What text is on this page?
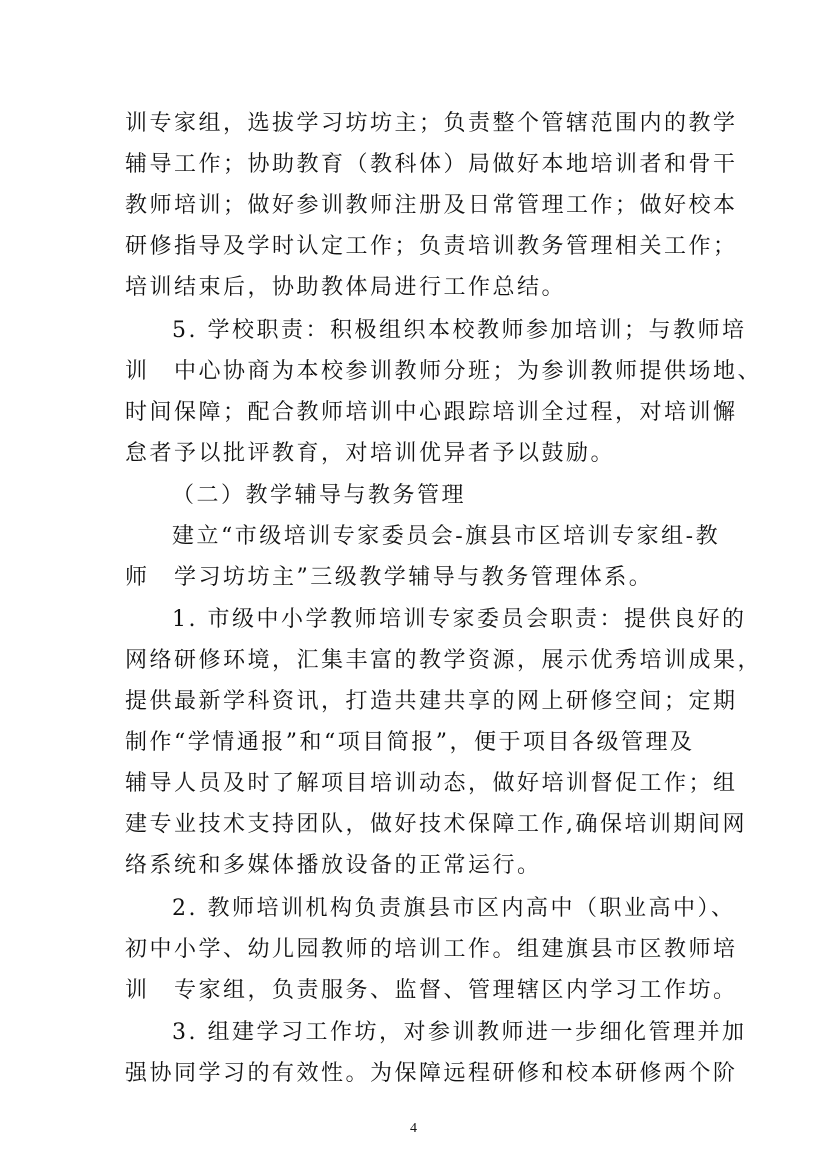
训专家组，选拔学习坊坊主；负责整个管辖范围内的教学
辅导工作；协助教育（教科体）局做好本地培训者和骨干
教师培训；做好参训教师注册及日常管理工作；做好校本
研修指导及学时认定工作；负责培训教务管理相关工作；
培训结束后，协助教体局进行工作总结。
5. 学校职责：积极组织本校教师参加培训；与教师培
训　中心协商为本校参训教师分班；为参训教师提供场地、
时间保障；配合教师培训中心跟踪培训全过程，对培训懈
怠者予以批评教育，对培训优异者予以鼓励。
（二）教学辅导与教务管理
建立“市级培训专家委员会-旗县市区培训专家组-教
师　学习坊坊主”三级教学辅导与教务管理体系。
1. 市级中小学教师培训专家委员会职责：提供良好的
网络研修环境，汇集丰富的教学资源，展示优秀培训成果，
提供最新学科资讯，打造共建共享的网上研修空间；定期
制作“学情通报”和“项目简报”，便于项目各级管理及
辅导人员及时了解项目培训动态，做好培训督促工作；组
建专业技术支持团队，做好技术保障工作,确保培训期间网
络系统和多媒体播放设备的正常运行。
2. 教师培训机构负责旗县市区内高中（职业高中）、
初中小学、幼儿园教师的培训工作。组建旗县市区教师培
训　专家组，负责服务、监督、管理辖区内学习工作坊。
3. 组建学习工作坊，对参训教师进一步细化管理并加
强协同学习的有效性。为保障远程研修和校本研修两个阶
4
